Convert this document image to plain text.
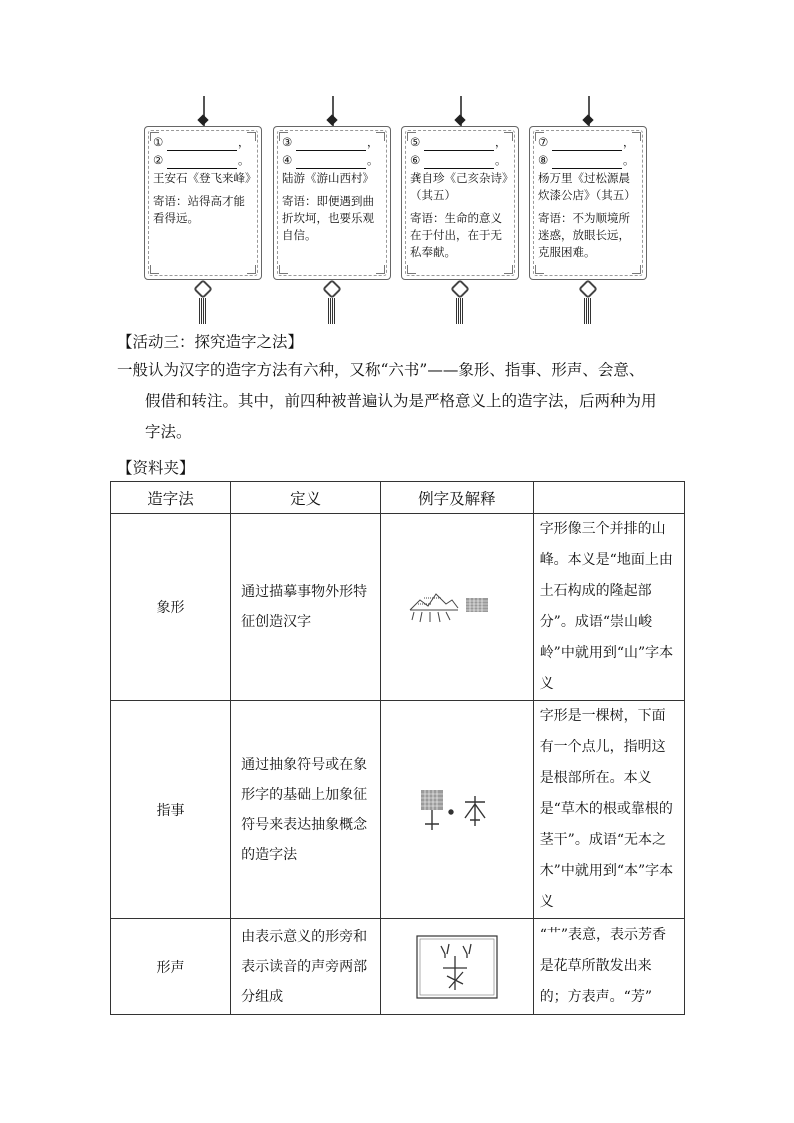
①	，
②	。
王安石《登飞来峰》
寄语：站得高才能看得远。
③	，
④	。
陆游《游山西村》
寄语：即便遇到曲折坎坷，也要乐观自信。
⑤	，
⑥	。
龚自珍《己亥杂诗》（其五）
寄语：生命的意义在于付出，在于无私奉献。
⑦	，
⑧	。
杨万里《过松源晨炊漆公店》（其五）
寄语：不为顺境所迷惑，放眼长远，克服困难。
【活动三：探究造字之法】
一般认为汉字的造字方法有六种，又称“六书”——象形、指事、形声、会意、
假借和转注。其中，前四种被普遍认为是严格意义上的造字法，后两种为用
字法。
【资料夹】
造字法	定义	例字及解释	
象形	通过描摹事物外形特征创造汉字		字形像三个并排的山峰。本义是“地面上由土石构成的隆起部分”。成语“崇山峻岭”中就用到“山”字本义
指事	通过抽象符号或在象形字的基础上加象征符号来表达抽象概念的造字法		字形是一棵树，下面有一个点儿，指明这是根部所在。本义是“草木的根或靠根的茎干”。成语“无本之木”中就用到“本”字本义
形声	由表示意义的形旁和表示读音的声旁两部分组成		“艹”表意，表示芳香是花草所散发出来的；方表声。“芳”
